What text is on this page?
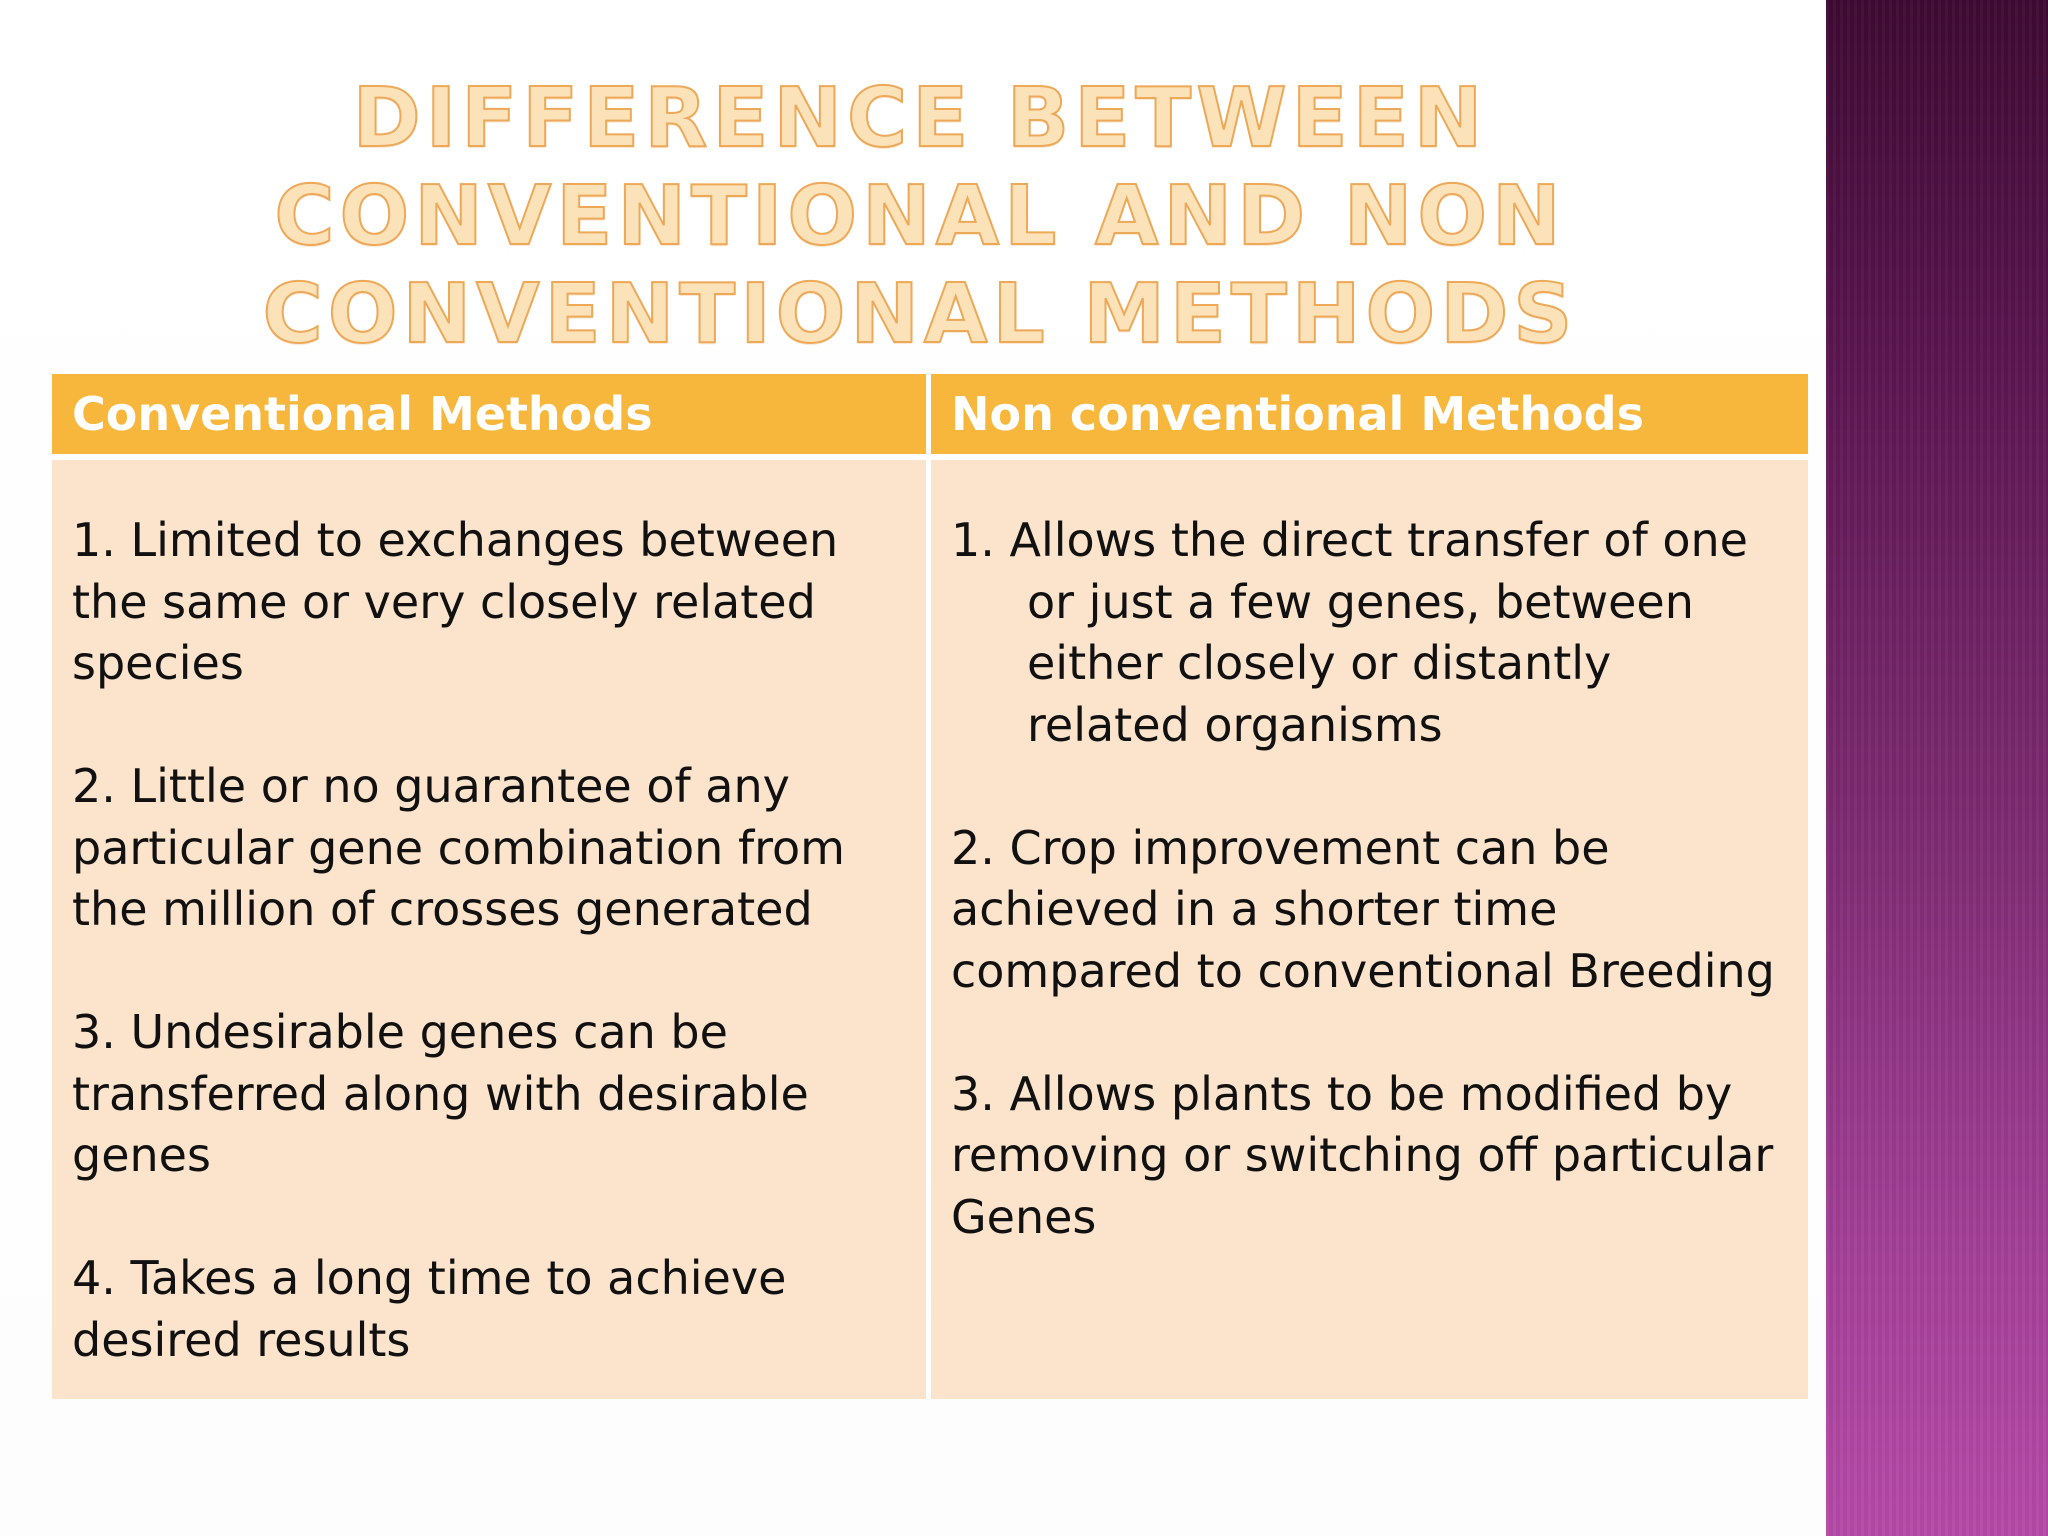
DIFFERENCE BETWEEN CONVENTIONAL AND NON CONVENTIONAL METHODS
Conventional Methods	Non conventional Methods

1. Limited to exchanges between the same or very closely related species

2. Little or no guarantee of any particular gene combination from the million of crosses generated

3. Undesirable genes can be transferred along with desirable genes

4. Takes a long time to achieve desired results

1. Allows the direct transfer of one or just a few genes, between either closely or distantly related organisms

2. Crop improvement can be achieved in a shorter time compared to conventional Breeding

3. Allows plants to be modified by removing or switching off particular Genes
